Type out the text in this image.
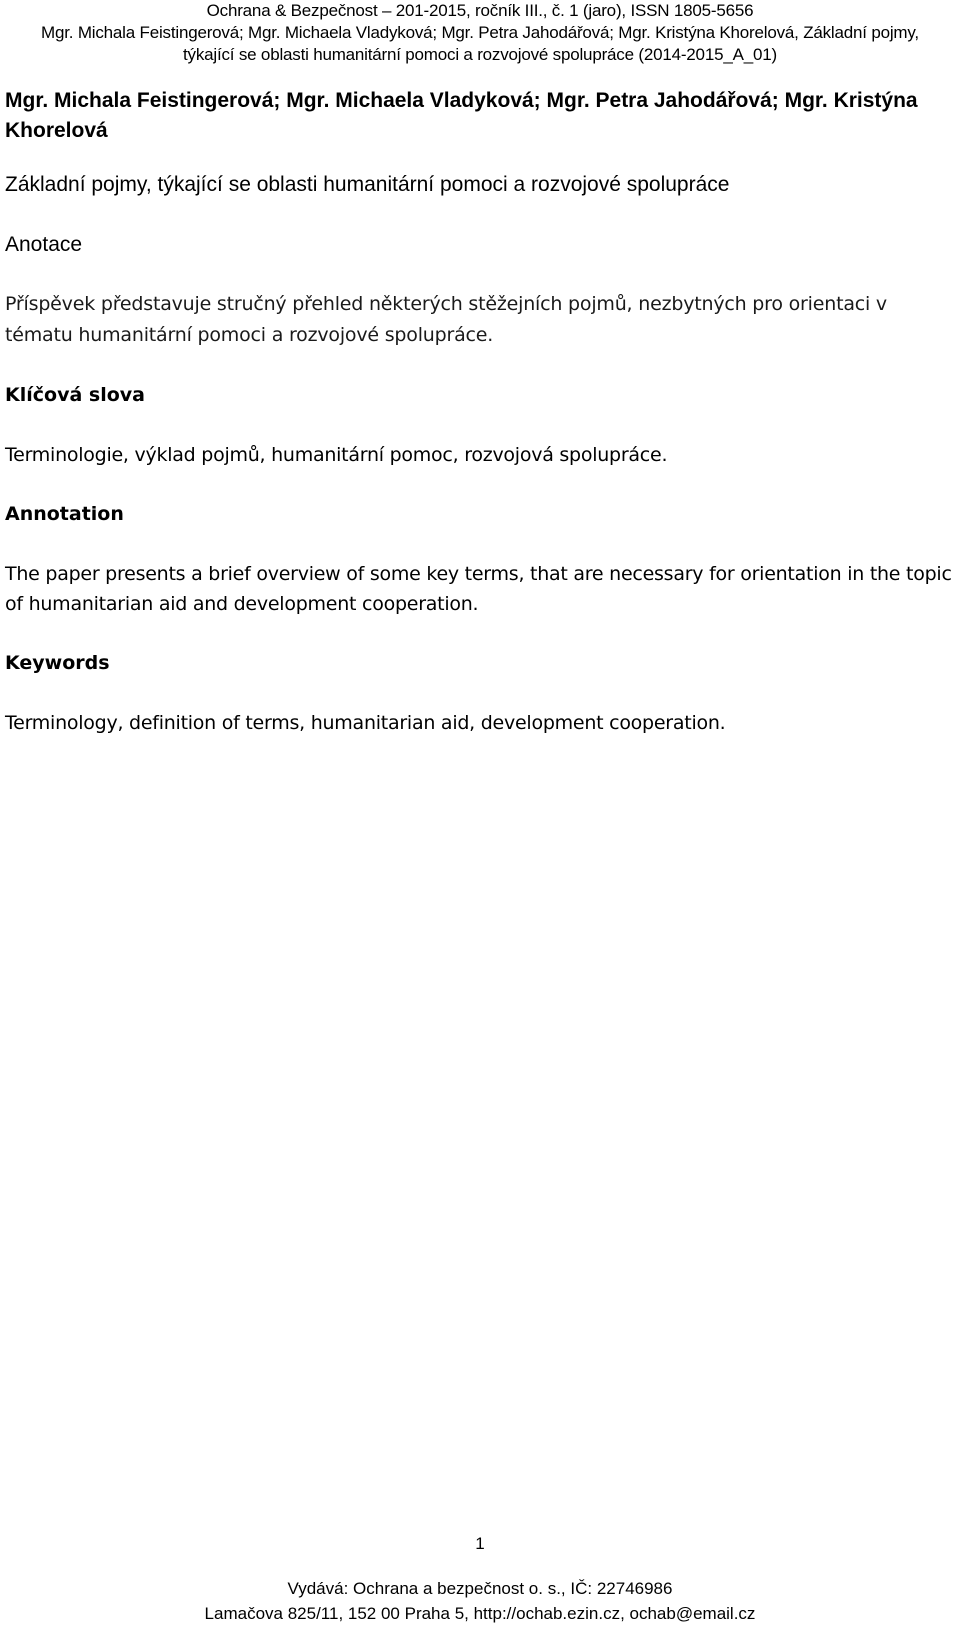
Ochrana & Bezpečnost – 201-2015, ročník III., č. 1 (jaro), ISSN 1805-5656
Mgr. Michala Feistingerová; Mgr. Michaela Vladyková; Mgr. Petra Jahodářová; Mgr. Kristýna Khorelová, Základní pojmy,
týkající se oblasti humanitární pomoci a rozvojové spolupráce (2014-2015_A_01)

Mgr. Michala Feistingerová; Mgr. Michaela Vladyková; Mgr. Petra Jahodářová; Mgr. Kristýna Khorelová

Základní pojmy, týkající se oblasti humanitární pomoci a rozvojové spolupráce

Anotace

Příspěvek představuje stručný přehled některých stěžejních pojmů, nezbytných pro orientaci v tématu humanitární pomoci a rozvojové spolupráce.

Klíčová slova

Terminologie, výklad pojmů, humanitární pomoc, rozvojová spolupráce.

Annotation

The paper presents a brief overview of some key terms, that are necessary for orientation in the topic of humanitarian aid and development cooperation.

Keywords

Terminology, definition of terms, humanitarian aid, development cooperation.

1
Vydává: Ochrana a bezpečnost o. s., IČ: 22746986
Lamačova 825/11, 152 00 Praha 5, http://ochab.ezin.cz, ochab@email.cz
